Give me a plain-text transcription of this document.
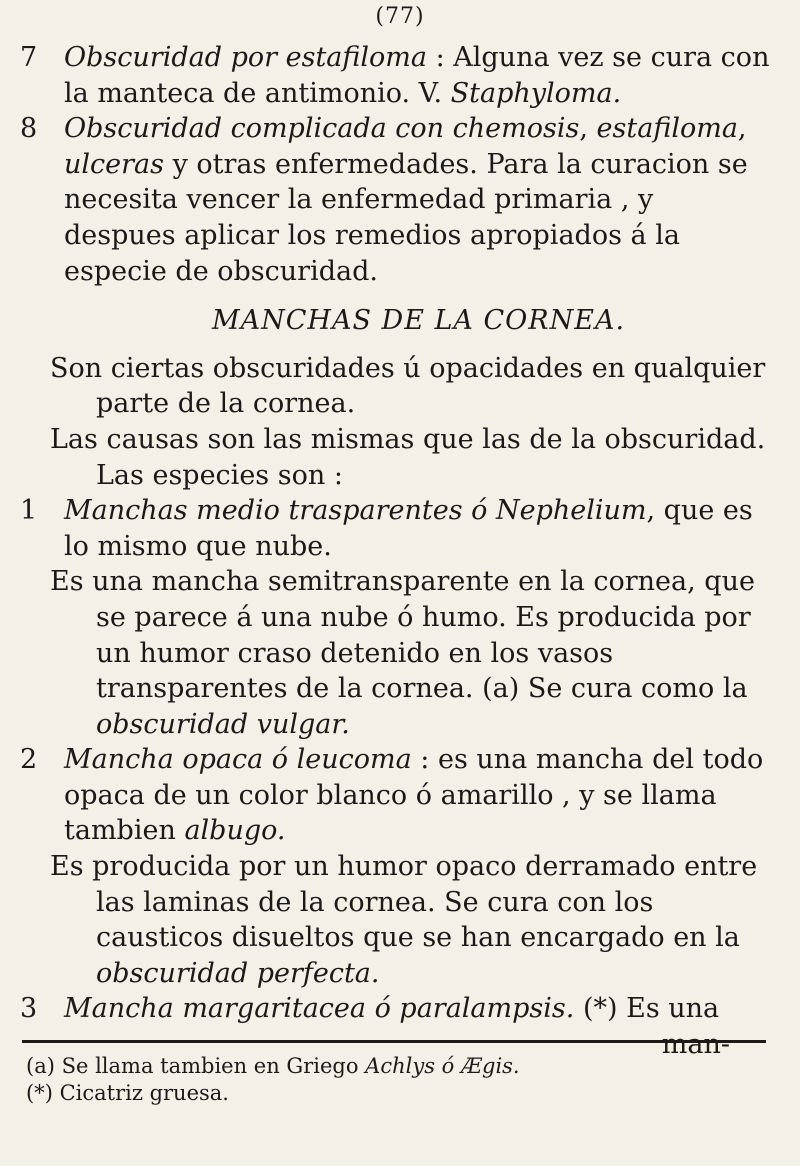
(77)

7 Obscuridad por estafiloma : Alguna vez se cura con la manteca de antimonio. V. Staphyloma.

8 Obscuridad complicada con chemosis, estafiloma, ulceras y otras enfermedades. Para la curacion se necesita vencer la enfermedad primaria , y despues aplicar los remedios apropiados á la especie de obscuridad.

MANCHAS DE LA CORNEA.
Son ciertas obscuridades ú opacidades en qualquier parte de la cornea.
Las causas son las mismas que las de la obscuridad.
Las especies son :

1 Manchas medio trasparentes ó Nephelium, que es lo mismo que nube.

Es una mancha semitransparente en la cornea, que se parece á una nube ó humo. Es producida por un humor craso detenido en los vasos transparentes de la cornea. (a) Se cura como la obscuridad vulgar.

2 Mancha opaca ó leucoma : es una mancha del todo opaca de un color blanco ó amarillo , y se llama tambien albugo.

Es producida por un humor opaco derramado entre las laminas de la cornea. Se cura con los causticos disueltos que se han encargado en la obscuridad perfecta.

3 Mancha margaritacea ó paralampsis. (*) Es una

man-
(a) Se llama tambien en Griego Achlys ó Ægis.
(*) Cicatriz gruesa.
